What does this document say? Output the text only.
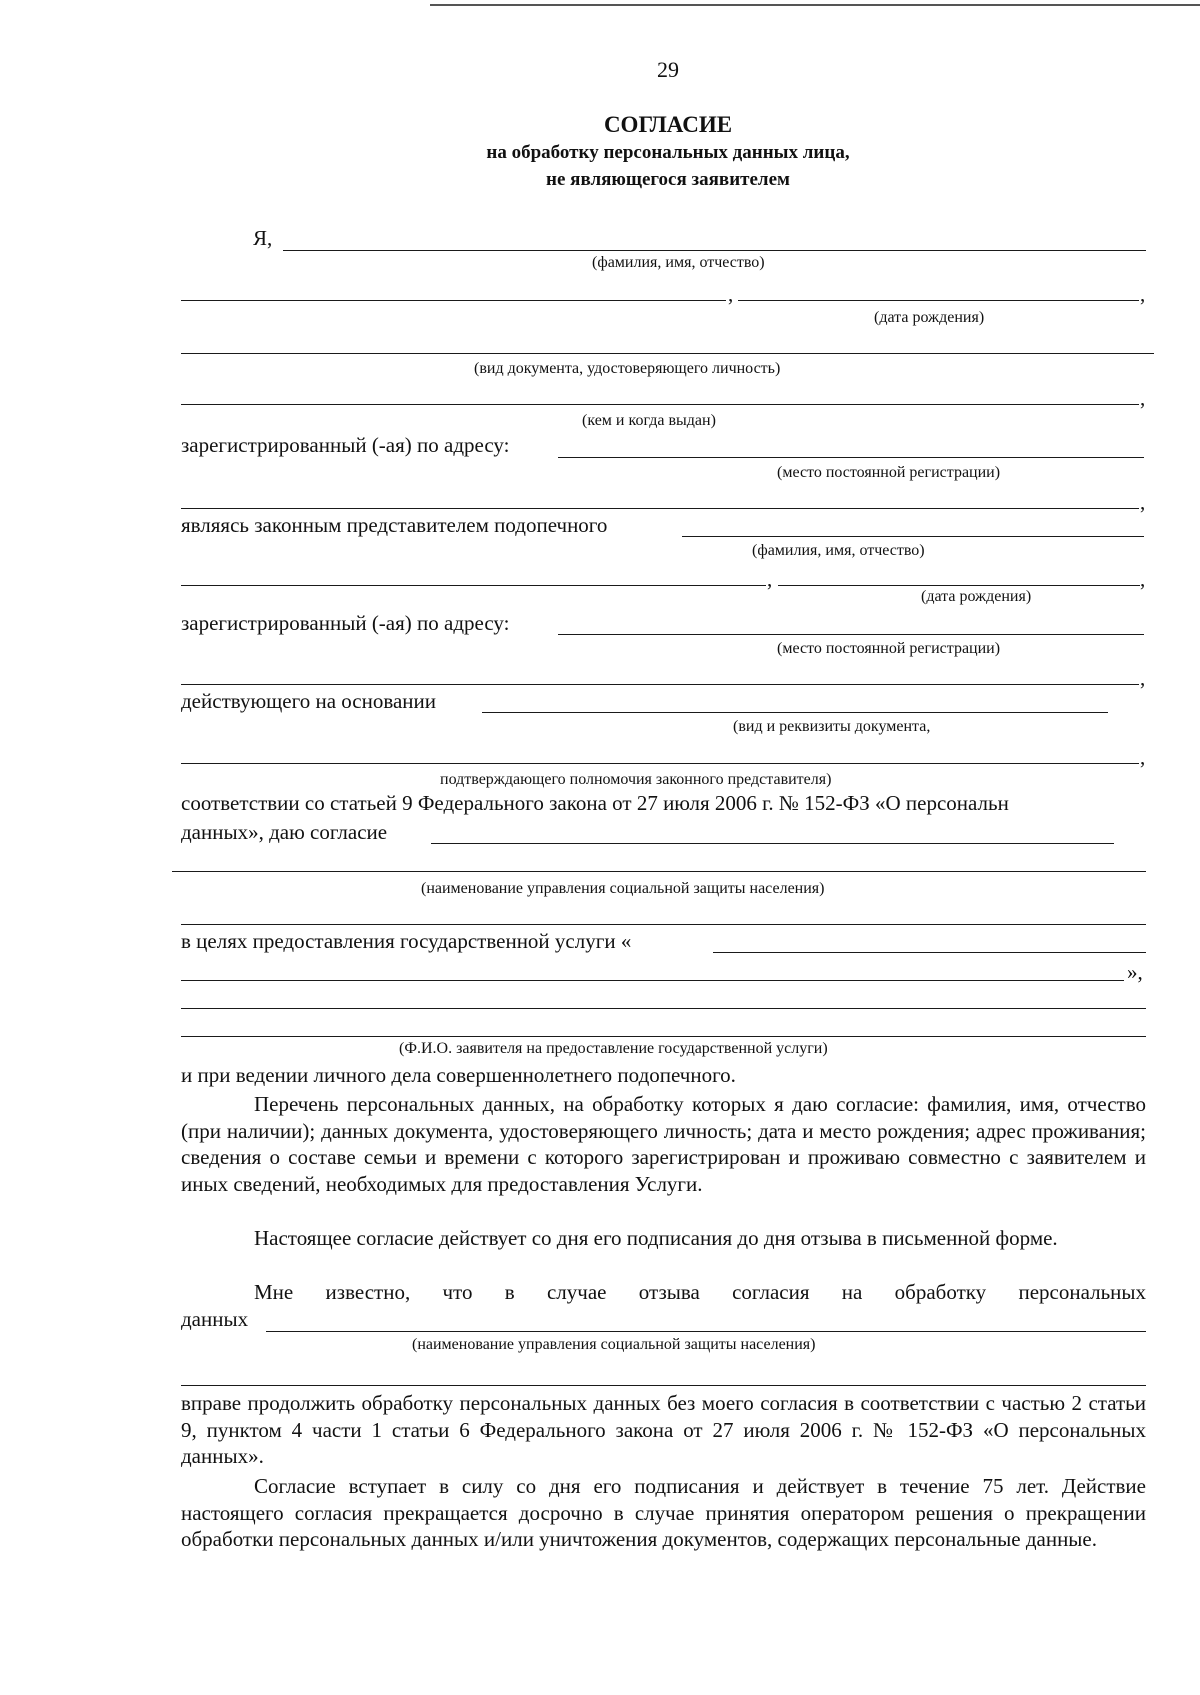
29
СОГЛАСИЕ
на обработку персональных данных лица,
не являющегося заявителем
Я,
(фамилия, имя, отчество)
,	,
(дата рождения)
(вид документа, удостоверяющего личность)
,
(кем и когда выдан)
зарегистрированный (-ая) по адресу:
(место постоянной регистрации)
,
являясь законным представителем подопечного
(фамилия, имя, отчество)
,	,
(дата рождения)
зарегистрированный (-ая) по адресу:
(место постоянной регистрации)
,
действующего на основании
(вид и реквизиты документа,
,
подтверждающего полномочия законного представителя)
соответствии со статьей 9 Федерального закона от 27 июля 2006 г. № 152-ФЗ «О персональн
данных», даю согласие
(наименование управления социальной защиты населения)
в целях предоставления государственной услуги «
»,
(Ф.И.О. заявителя на предоставление государственной услуги)
и при ведении личного дела совершеннолетнего подопечного.
Перечень персональных данных, на обработку которых я даю согласие: фамилия, имя, отчество (при наличии); данных документа, удостоверяющего личность; дата и место рождения; адрес проживания; сведения о составе семьи и времени с которого зарегистрирован и проживаю совместно с заявителем и иных сведений, необходимых для предоставления Услуги.
Настоящее согласие действует со дня его подписания до дня отзыва в письменной форме.
Мне известно, что в случае отзыва согласия на обработку персональных
данных
(наименование управления социальной защиты населения)
вправе продолжить обработку персональных данных без моего согласия в соответствии с частью 2 статьи 9, пунктом 4 части 1 статьи 6 Федерального закона от 27 июля 2006 г. № 152-ФЗ «О персональных данных».
Согласие вступает в силу со дня его подписания и действует в течение 75 лет. Действие настоящего согласия прекращается досрочно в случае принятия оператором решения о прекращении обработки персональных данных и/или уничтожения документов, содержащих персональные данные.
